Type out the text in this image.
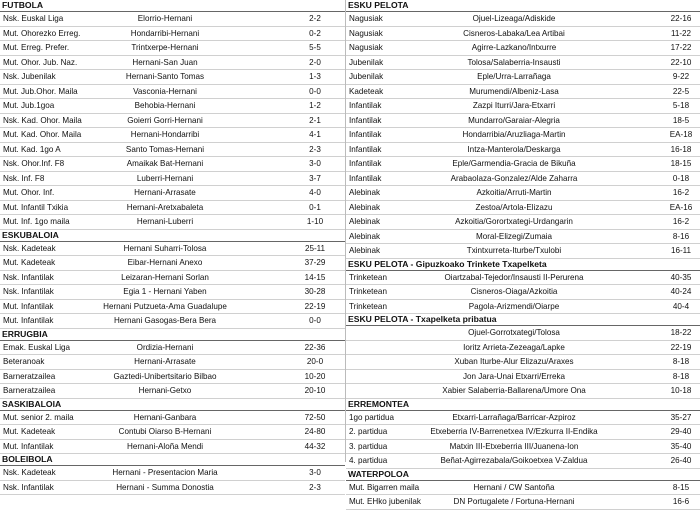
FUTBOLA
Nsk. Euskal Liga	Elorrio-Hernani	2-2
Mut. Ohorezko Erreg.	Hondarribi-Hernani	0-2
Mut. Erreg. Prefer.	Trintxerpe-Hernani	5-5
Mut. Ohor. Jub. Naz.	Hernani-San Juan	2-0
Nsk. Jubenilak	Hernani-Santo Tomas	1-3
Mut. Jub.Ohor. Maila	Vasconia-Hernani	0-0
Mut. Jub.1goa	Behobia-Hernani	1-2
Nsk. Kad. Ohor. Maila	Goierri Gorri-Hernani	2-1
Mut. Kad. Ohor. Maila	Hernani-Hondarribi	4-1
Mut. Kad. 1go A	Santo Tomas-Hernani	2-3
Nsk. Ohor.Inf. F8	Amaikak Bat-Hernani	3-0
Nsk. Inf. F8	Luberri-Hernani	3-7
Mut. Ohor. Inf.	Hernani-Arrasate	4-0
Mut. Infantil Txikia	Hernani-Aretxabaleta	0-1
Mut. Inf. 1go maila	Hernani-Luberri	1-10
ESKUBALOIA
Nsk. Kadeteak	Hernani Suharri-Tolosa	25-11
Mut. Kadeteak	Eibar-Hernani Anexo	37-29
Nsk. Infantilak	Leizaran-Hernani Sorlan	14-15
Nsk. Infantilak	Egia 1 - Hernani Yaben	30-28
Mut. Infantilak	Hernani Putzueta-Ama Guadalupe	22-19
Mut. Infantilak	Hernani Gasogas-Bera Bera	0-0
ERRUGBIA
Emak. Euskal Liga	Ordizia-Hernani	22-36
Beteranoak	Hernani-Arrasate	20-0
Barneratzailea	Gaztedi-Unibertsitario Bilbao	10-20
Barneratzailea	Hernani-Getxo	20-10
SASKIBALOIA
Mut. senior 2. maila	Hernani-Ganbara	72-50
Mut. Kadeteak	Contubi Oiarso B-Hernani	24-80
Mut. Infantilak	Hernani-Aloña Mendi	44-32
BOLEIBOLA
Nsk. Kadeteak	Hernani - Presentacion Maria	3-0
Nsk. Infantilak	Hernani - Summa Donostia	2-3
ESKU PELOTA
Nagusiak	Ojuel-Lizeaga/Adiskide	22-16
Nagusiak	Cisneros-Labaka/Lea Artibai	11-22
Nagusiak	Agirre-Lazkano/Intxurre	17-22
Jubenilak	Tolosa/Salaberria-Insausti	22-10
Jubenilak	Eple/Urra-Larrañaga	9-22
Kadeteak	Murumendi/Albeniz-Lasa	22-5
Infantilak	Zazpi Iturri/Jara-Etxarri	5-18
Infantilak	Mundarro/Garaiar-Alegria	18-5
Infantilak	Hondarribia/Aruzliaga-Martin	EA-18
Infantilak	Intza-Manterola/Deskarga	16-18
Infantilak	Eple/Garmendia-Gracia de Bikuña	18-15
Infantilak	Arabaolaza-Gonzalez/Alde Zaharra	0-18
Alebinak	Azkoitia/Arruti-Martin	16-2
Alebinak	Zestoa/Artola-Elizazu	EA-16
Alebinak	Azkoitia/Gorortxategi-Urdangarin	16-2
Alebinak	Moral-Elizegi/Zumaia	8-16
Alebinak	Txintxurreta-Iturbe/Txulobi	16-11
ESKU PELOTA - Gipuzkoako Trinkete Txapelketa
Trinketean	Oiartzabal-Tejedor/Insausti II-Perurena	40-35
Trinketean	Cisneros-Oiaga/Azkoitia	40-24
Trinketean	Pagola-Arizmendi/Oiarpe	40-4
ESKU PELOTA - Txapelketa pribatua
Ojuel-Gorrotxategi/Tolosa	18-22
Ioritz Arrieta-Zezeaga/Lapke	22-19
Xuban Iturbe-Alur Elizazu/Araxes	8-18
Jon Jara-Unai Etxarri/Erreka	8-18
Xabier Salaberria-Ballarena/Umore Ona	10-18
ERREMONTEA
1go partidua	Etxarri-Larrañaga/Barricar-Azpiroz	35-27
2. partidua	Etxeberria IV-Barrenetxea IV/Ezkurra II-Endika	29-40
3. partidua	Matxin III-Etxeberria III/Juanena-Ion	35-40
4. partidua	Beñat-Agirrezabala/Goikoetxea V-Zaldua	26-40
WATERPOLOA
Mut. Bigarren maila	Hernani / CW Santoña	8-15
Mut. EHko jubenilak	DN Portugalete / Fortuna-Hernani	16-6
